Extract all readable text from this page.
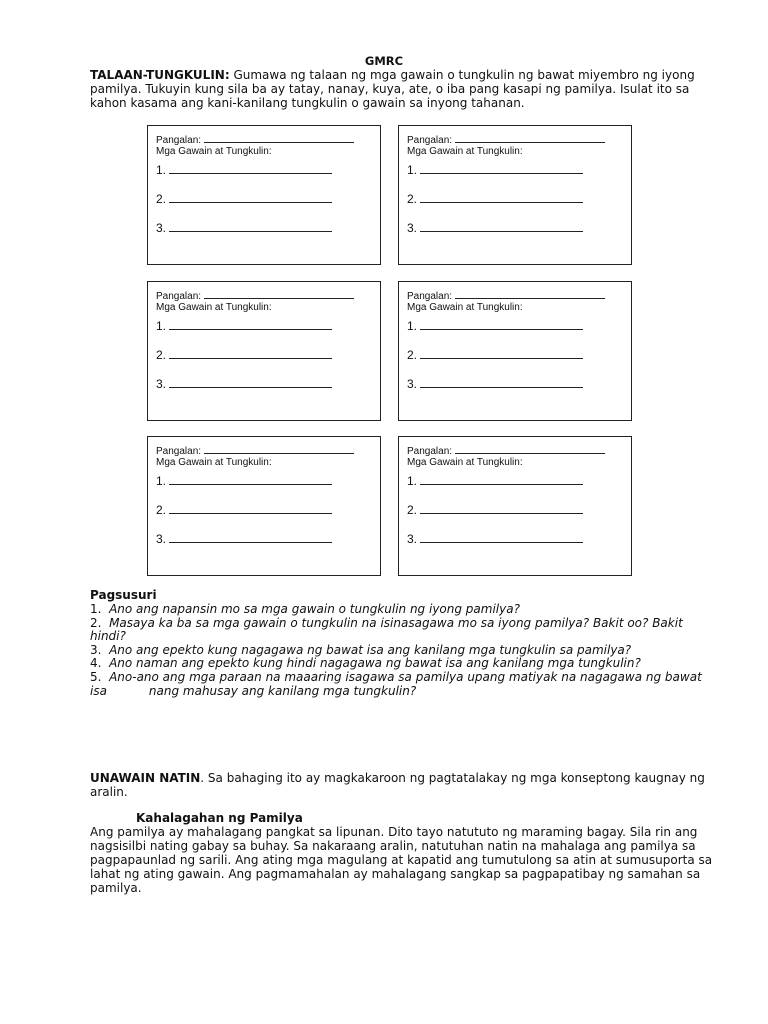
GMRC
TALAAN-TUNGKULIN: Gumawa ng talaan ng mga gawain o tungkulin ng bawat miyembro ng iyong
pamilya. Tukuyin kung sila ba ay tatay, nanay, kuya, ate, o iba pang kasapi ng pamilya. Isulat ito sa
kahon kasama ang kani-kanilang tungkulin o gawain sa inyong tahanan.
Pangalan:
Mga Gawain at Tungkulin:
1.
2.
3.
Pangalan:
Mga Gawain at Tungkulin:
1.
2.
3.
Pangalan:
Mga Gawain at Tungkulin:
1.
2.
3.
Pangalan:
Mga Gawain at Tungkulin:
1.
2.
3.
Pangalan:
Mga Gawain at Tungkulin:
1.
2.
3.
Pangalan:
Mga Gawain at Tungkulin:
1.
2.
3.
Pagsusuri
1.  Ano ang napansin mo sa mga gawain o tungkulin ng iyong pamilya?
2.  Masaya ka ba sa mga gawain o tungkulin na isinasagawa mo sa iyong pamilya? Bakit oo? Bakit
hindi?
3.  Ano ang epekto kung nagagawa ng bawat isa ang kanilang mga tungkulin sa pamilya?
4.  Ano naman ang epekto kung hindi nagagawa ng bawat isa ang kanilang mga tungkulin?
5.  Ano-ano ang mga paraan na maaaring isagawa sa pamilya upang matiyak na nagagawa ng bawat
isa           nang mahusay ang kanilang mga tungkulin?
UNAWAIN NATIN. Sa bahaging ito ay magkakaroon ng pagtatalakay ng mga konseptong kaugnay ng
aralin.
Kahalagahan ng Pamilya
Ang pamilya ay mahalagang pangkat sa lipunan. Dito tayo natututo ng maraming bagay. Sila rin ang
nagsisilbi nating gabay sa buhay. Sa nakaraang aralin, natutuhan natin na mahalaga ang pamilya sa
pagpapaunlad ng sarili. Ang ating mga magulang at kapatid ang tumutulong sa atin at sumusuporta sa
lahat ng ating gawain. Ang pagmamahalan ay mahalagang sangkap sa pagpapatibay ng samahan sa
pamilya.
